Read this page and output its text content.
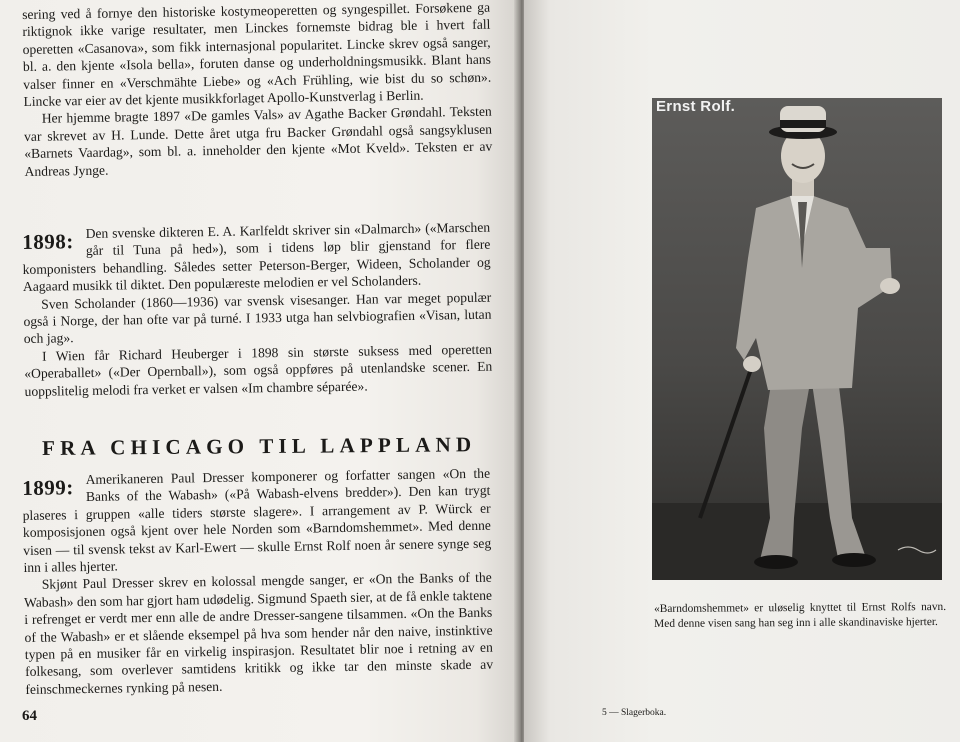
sering ved å fornye den historiske kostymeoperetten og syngespillet. Forsøkene ga riktignok ikke varige resultater, men Linckes fornemste bidrag ble i hvert fall operetten «Casanova», som fikk internasjonal popularitet. Lincke skrev også sanger, bl. a. den kjente «Isola bella», foruten danse og underholdningsmusikk. Blant hans valser finner en «Verschmähte Liebe» og «Ach Frühling, wie bist du so schøn». Lincke var eier av det kjente musikkforlaget Apollo-Kunstverlag i Berlin.

Her hjemme bragte 1897 «De gamles Vals» av Agathe Backer Grøndahl. Teksten var skrevet av H. Lunde. Dette året utga fru Backer Grøndahl også sangsyklusen «Barnets Vaardag», som bl. a. inneholder den kjente «Mot Kveld». Teksten er av Andreas Jynge.

1898: Den svenske dikteren E. A. Karlfeldt skriver sin «Dalmarch» («Marschen går til Tuna på hed»), som i tidens løp blir gjenstand for flere komponisters behandling. Således setter Peterson-Berger, Wideen, Scholander og Aagaard musikk til diktet. Den populæreste melodien er vel Scholanders.

Sven Scholander (1860—1936) var svensk visesanger. Han var meget populær også i Norge, der han ofte var på turné. I 1933 utga han selvbiografien «Visan, lutan och jag».

I Wien får Richard Heuberger i 1898 sin største suksess med operetten «Operaballet» («Der Opernball»), som også oppføres på utenlandske scener. En uoppslitelig melodi fra verket er valsen «Im chambre séparée».

FRA CHICAGO TIL LAPPLAND
1899: Amerikaneren Paul Dresser komponerer og forfatter sangen «On the Banks of the Wabash» («På Wabash-elvens bredder»). Den kan trygt plaseres i gruppen «alle tiders største slagere». I arrangement av P. Würck er komposisjonen også kjent over hele Norden som «Barndomshemmet». Med denne visen — til svensk tekst av Karl-Ewert — skulle Ernst Rolf noen år senere synge seg inn i alles hjerter.

Skjønt Paul Dresser skrev en kolossal mengde sanger, er «On the Banks of the Wabash» den som har gjort ham udødelig. Sigmund Spaeth sier, at de få enkle taktene i refrenget er verdt mer enn alle de andre Dresser-sangene tilsammen. «On the Banks of the Wabash» er et slående eksempel på hva som hender når den naive, instinktive typen på en musiker får en virkelig inspirasjon. Resultatet blir noe i retning av en folkesang, som overlever samtidens kritikk og ikke tar den minste skade av feinschmeckernes rynking på nesen.

64
Ernst Rolf.
«Barndomshemmet» er uløselig knyttet til Ernst Rolfs navn. Med denne visen sang han seg inn i alle skandinaviske hjerter.
5 — Slagerboka.
